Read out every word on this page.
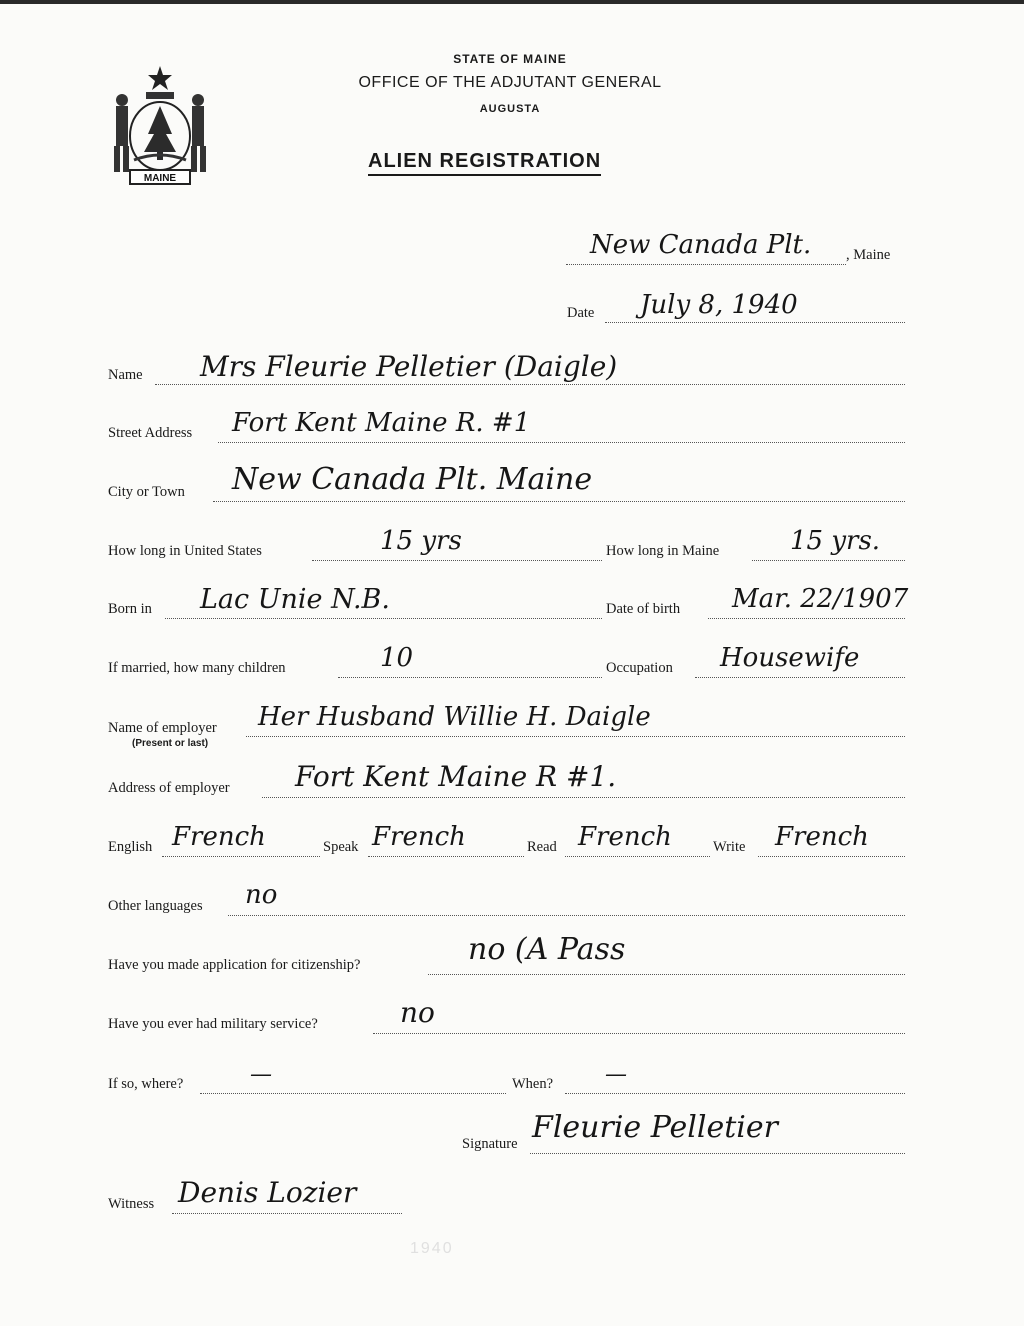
MAINE
STATE OF MAINE
OFFICE OF THE ADJUTANT GENERAL
AUGUSTA
ALIEN REGISTRATION
New Canada Plt. , Maine
Date July 8, 1940
Name Mrs Fleurie Pelletier (Daigle)
Street Address Fort Kent Maine R. #1
City or Town New Canada Plt. Maine
How long in United States	15 yrs	How long in Maine	15 yrs.
Born in Lac Unie N.B.	Date of birth Mar. 22/1907
If married, how many children	10	Occupation Housewife
Name of employer
(Present or last)
Her Husband Willie H. Daigle
Address of employer Fort Kent Maine R #1.
English French	Speak French	Read French	Write French
Other languages no
Have you made application for citizenship?	no (A Pass
Have you ever had military service?	no
If so, where?	—	When? —
Signature Fleurie Pelletier
Witness Denis Lozier
1940
